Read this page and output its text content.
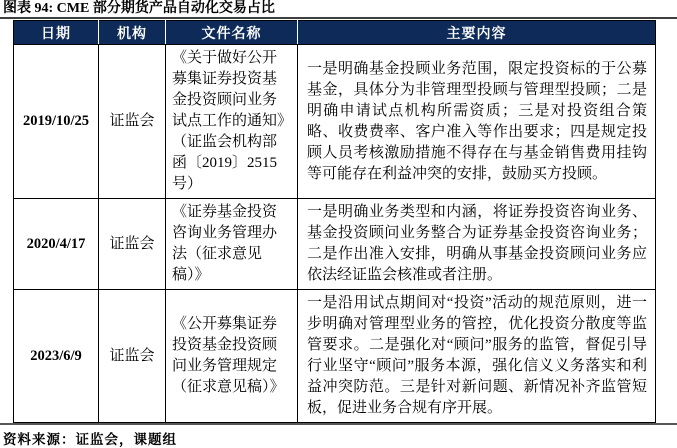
图表 94: CME 部分期货产品自动化交易占比
日期	机构	文件名称	主要内容
2019/10/25	证监会	《关于做好公开募集证券投资基金投资顾问业务试点工作的通知》（证监会机构部函〔2019〕2515 号）	一是明确基金投顾业务范围，限定投资标的于公募基金，具体分为非管理型投顾与管理型投顾；二是明确申请试点机构所需资质；三是对投资组合策略、收费费率、客户准入等作出要求；四是规定投顾人员考核激励措施不得存在与基金销售费用挂钩等可能存在利益冲突的安排，鼓励买方投顾。
2020/4/17	证监会	《证券基金投资咨询业务管理办法（征求意见稿）》	一是明确业务类型和内涵，将证券投资咨询业务、基金投资顾问业务整合为证券基金投资咨询业务；二是作出准入安排，明确从事基金投资顾问业务应依法经证监会核准或者注册。
2023/6/9	证监会	《公开募集证券投资基金投资顾问业务管理规定（征求意见稿）》	一是沿用试点期间对“投资”活动的规范原则，进一步明确对管理型业务的管控，优化投资分散度等监管要求。二是强化对“顾问”服务的监管，督促引导行业坚守“顾问”服务本源，强化信义义务落实和利益冲突防范。三是针对新问题、新情况补齐监管短板，促进业务合规有序开展。
资料来源：证监会，课题组
